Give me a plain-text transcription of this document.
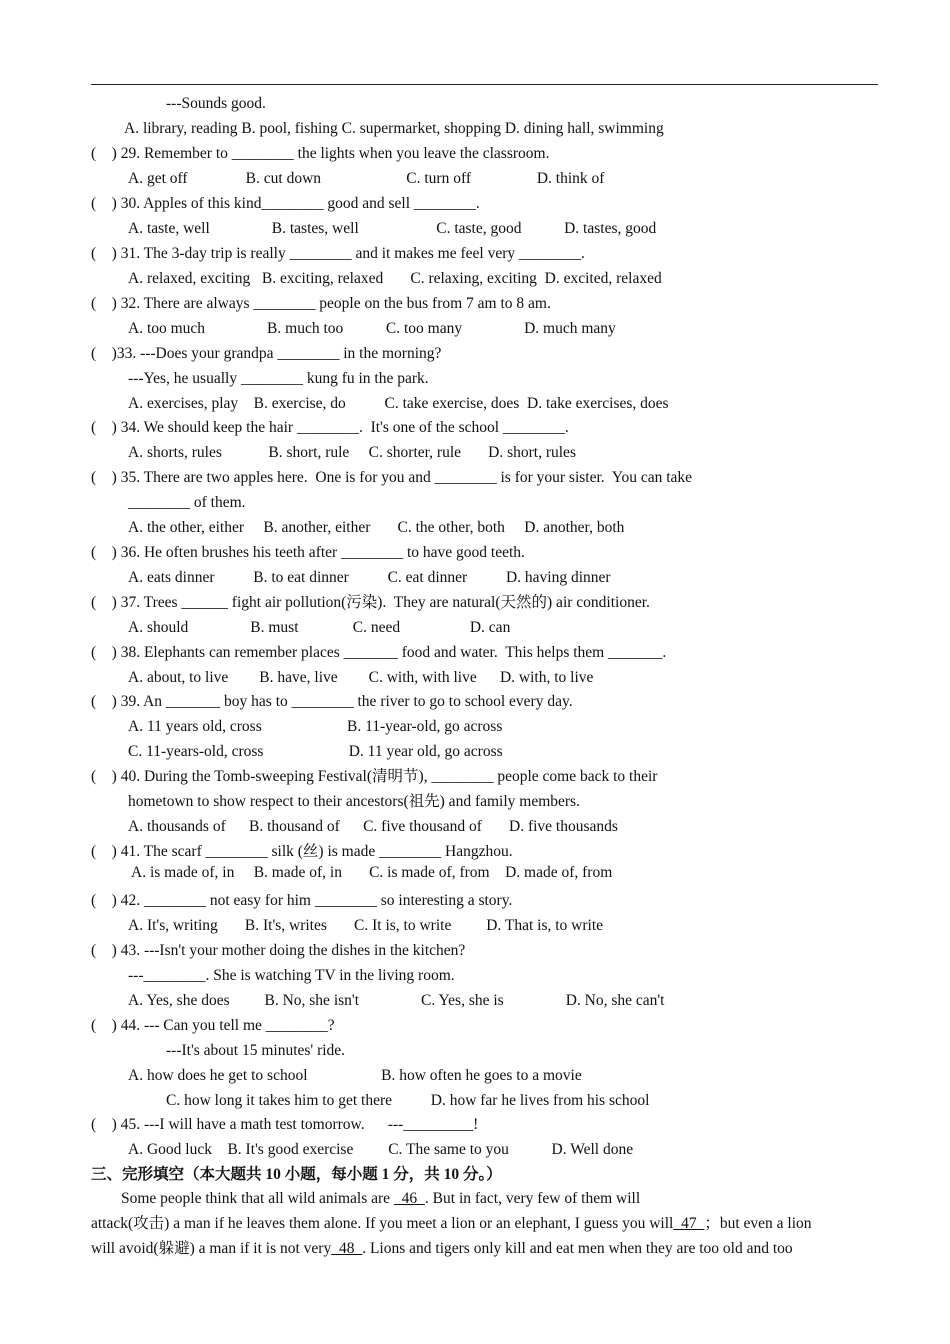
---Sounds good.
A. library, reading B. pool, fishing C. supermarket, shopping D. dining hall, swimming
(    ) 29. Remember to ________ the lights when you leave the classroom.
A. get off               B. cut down                      C. turn off                 D. think of
(    ) 30. Apples of this kind________ good and sell ________.
A. taste, well                B. tastes, well                    C. taste, good           D. tastes, good
(    ) 31. The 3-day trip is really ________ and it makes me feel very ________.
A. relaxed, exciting   B. exciting, relaxed       C. relaxing, exciting  D. excited, relaxed
(    ) 32. There are always ________ people on the bus from 7 am to 8 am.
A. too much                B. much too           C. too many                D. much many
(    )33. ---Does your grandpa ________ in the morning?
---Yes, he usually ________ kung fu in the park.
A. exercises, play    B. exercise, do          C. take exercise, does  D. take exercises, does
(    ) 34. We should keep the hair ________.  It's one of the school ________.
A. shorts, rules            B. short, rule     C. shorter, rule       D. short, rules
(    ) 35. There are two apples here.  One is for you and ________ is for your sister.  You can take
________ of them.
A. the other, either     B. another, either       C. the other, both     D. another, both
(    ) 36. He often brushes his teeth after ________ to have good teeth.
A. eats dinner          B. to eat dinner          C. eat dinner          D. having dinner
(    ) 37. Trees ______ fight air pollution(污染).  They are natural(天然的) air conditioner.
A. should                B. must              C. need                  D. can
(    ) 38. Elephants can remember places _______ food and water.  This helps them _______.
A. about, to live        B. have, live        C. with, with live      D. with, to live
(    ) 39. An _______ boy has to ________ the river to go to school every day.
A. 11 years old, cross                      B. 11-year-old, go across
C. 11-years-old, cross                      D. 11 year old, go across
(    ) 40. During the Tomb-sweeping Festival(清明节), ________ people come back to their
hometown to show respect to their ancestors(祖先) and family members.
A. thousands of      B. thousand of      C. five thousand of       D. five thousands
(    ) 41. The scarf ________ silk (丝) is made ________ Hangzhou.
A. is made of, in     B. made of, in       C. is made of, from    D. made of, from
(    ) 42. ________ not easy for him ________ so interesting a story.
A. It's, writing       B. It's, writes       C. It is, to write         D. That is, to write
(    ) 43. ---Isn't your mother doing the dishes in the kitchen?
---________. She is watching TV in the living room.
A. Yes, she does         B. No, she isn't                C. Yes, she is                D. No, she can't
(    ) 44. --- Can you tell me ________?
---It's about 15 minutes' ride.
A. how does he get to school                   B. how often he goes to a movie
C. how long it takes him to get there          D. how far he lives from his school
(    ) 45. ---I will have a math test tomorrow.      ---_________!
A. Good luck    B. It's good exercise         C. The same to you           D. Well done
三、完形填空（本大题共 10 小题，每小题 1 分，共 10 分。）
Some people think that all wild animals are   46  . But in fact, very few of them will
attack(攻击) a man if he leaves them alone. If you meet a lion or an elephant, I guess you will  47  ；but even a lion
will avoid(躲避) a man if it is not very  48  . Lions and tigers only kill and eat men when they are too old and too
